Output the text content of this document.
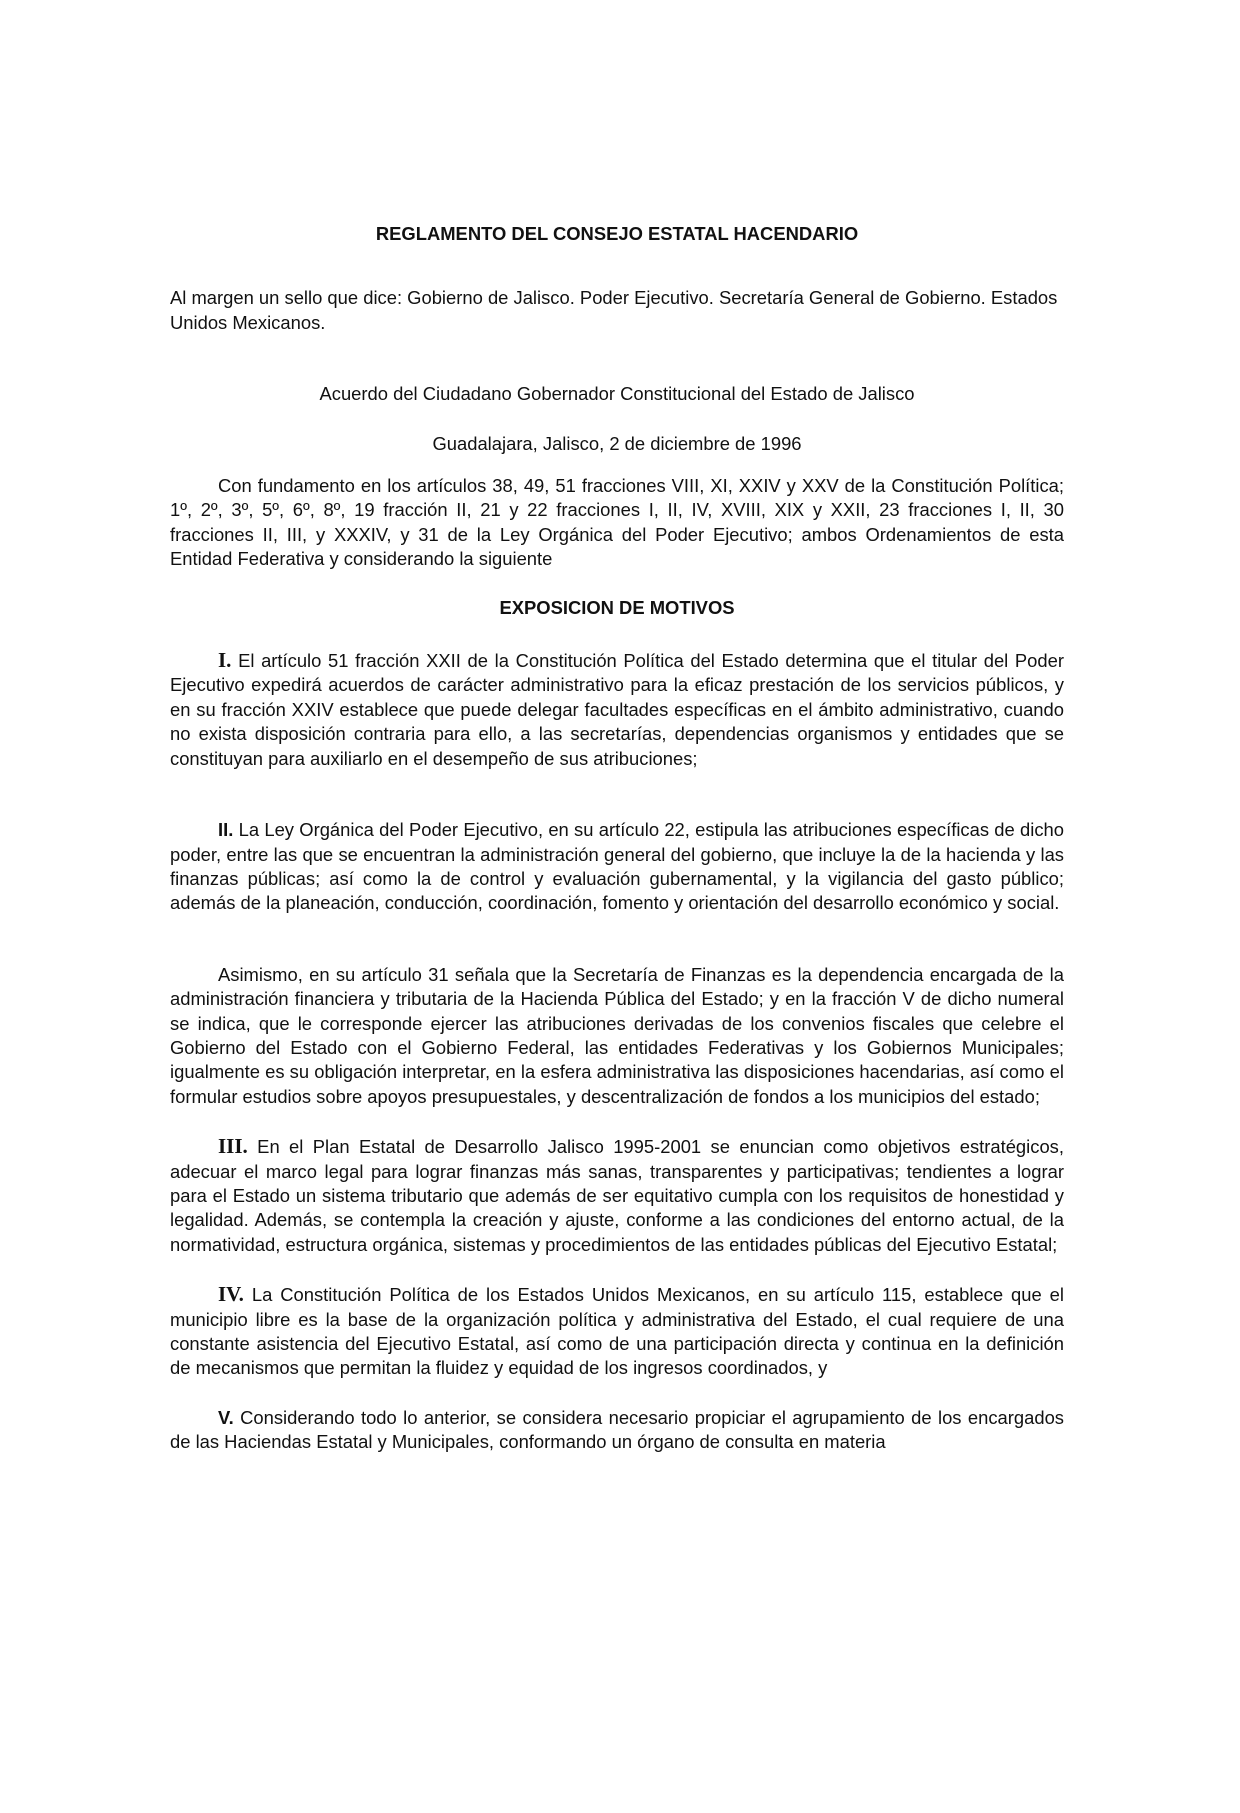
REGLAMENTO DEL CONSEJO ESTATAL HACENDARIO

Al margen un sello que dice: Gobierno de Jalisco. Poder Ejecutivo. Secretaría General de Gobierno. Estados Unidos Mexicanos.

Acuerdo del Ciudadano Gobernador Constitucional del Estado de Jalisco

Guadalajara, Jalisco, 2 de diciembre de 1996

Con fundamento en los artículos 38, 49, 51 fracciones VIII, XI, XXIV y XXV de la Constitución Política; 1º, 2º, 3º, 5º, 6º, 8º, 19 fracción II, 21 y 22 fracciones I, II, IV, XVIII, XIX y XXII, 23 fracciones I, II, 30 fracciones II, III, y XXXIV, y 31 de la Ley Orgánica del Poder Ejecutivo; ambos Ordenamientos de esta Entidad Federativa y considerando la siguiente

EXPOSICION DE MOTIVOS

I. El artículo 51 fracción XXII de la Constitución Política del Estado determina que el titular del Poder Ejecutivo expedirá acuerdos de carácter administrativo para la eficaz prestación de los servicios públicos, y en su fracción XXIV establece que puede delegar facultades específicas en el ámbito administrativo, cuando no exista disposición contraria para ello, a las secretarías, dependencias organismos y entidades que se constituyan para auxiliarlo en el desempeño de sus atribuciones;

II. La Ley Orgánica del Poder Ejecutivo, en su artículo 22, estipula las atribuciones específicas de dicho poder, entre las que se encuentran la administración general del gobierno, que incluye la de la hacienda y las finanzas públicas; así como la de control y evaluación gubernamental, y la vigilancia del gasto público; además de la planeación, conducción, coordinación, fomento y orientación del desarrollo económico y social.

Asimismo, en su artículo 31 señala que la Secretaría de Finanzas es la dependencia encargada de la administración financiera y tributaria de la Hacienda Pública del Estado; y en la fracción V de dicho numeral se indica, que le corresponde ejercer las atribuciones derivadas de los convenios fiscales que celebre el Gobierno del Estado con el Gobierno Federal, las entidades Federativas y los Gobiernos Municipales; igualmente es su obligación interpretar, en la esfera administrativa las disposiciones hacendarias, así como el formular estudios sobre apoyos presupuestales, y descentralización de fondos a los municipios del estado;

III. En el Plan Estatal de Desarrollo Jalisco 1995-2001 se enuncian como objetivos estratégicos, adecuar el marco legal para lograr finanzas más sanas, transparentes y participativas; tendientes a lograr para el Estado un sistema tributario que además de ser equitativo cumpla con los requisitos de honestidad y legalidad. Además, se contempla la creación y ajuste, conforme a las condiciones del entorno actual, de la normatividad, estructura orgánica, sistemas y procedimientos de las entidades públicas del Ejecutivo Estatal;

IV. La Constitución Política de los Estados Unidos Mexicanos, en su artículo 115, establece que el municipio libre es la base de la organización política y administrativa del Estado, el cual requiere de una constante asistencia del Ejecutivo Estatal, así como de una participación directa y continua en la definición de mecanismos que permitan la fluidez y equidad de los ingresos coordinados, y

V. Considerando todo lo anterior, se considera necesario propiciar el agrupamiento de los encargados de las Haciendas Estatal y Municipales, conformando un órgano de consulta en materia
